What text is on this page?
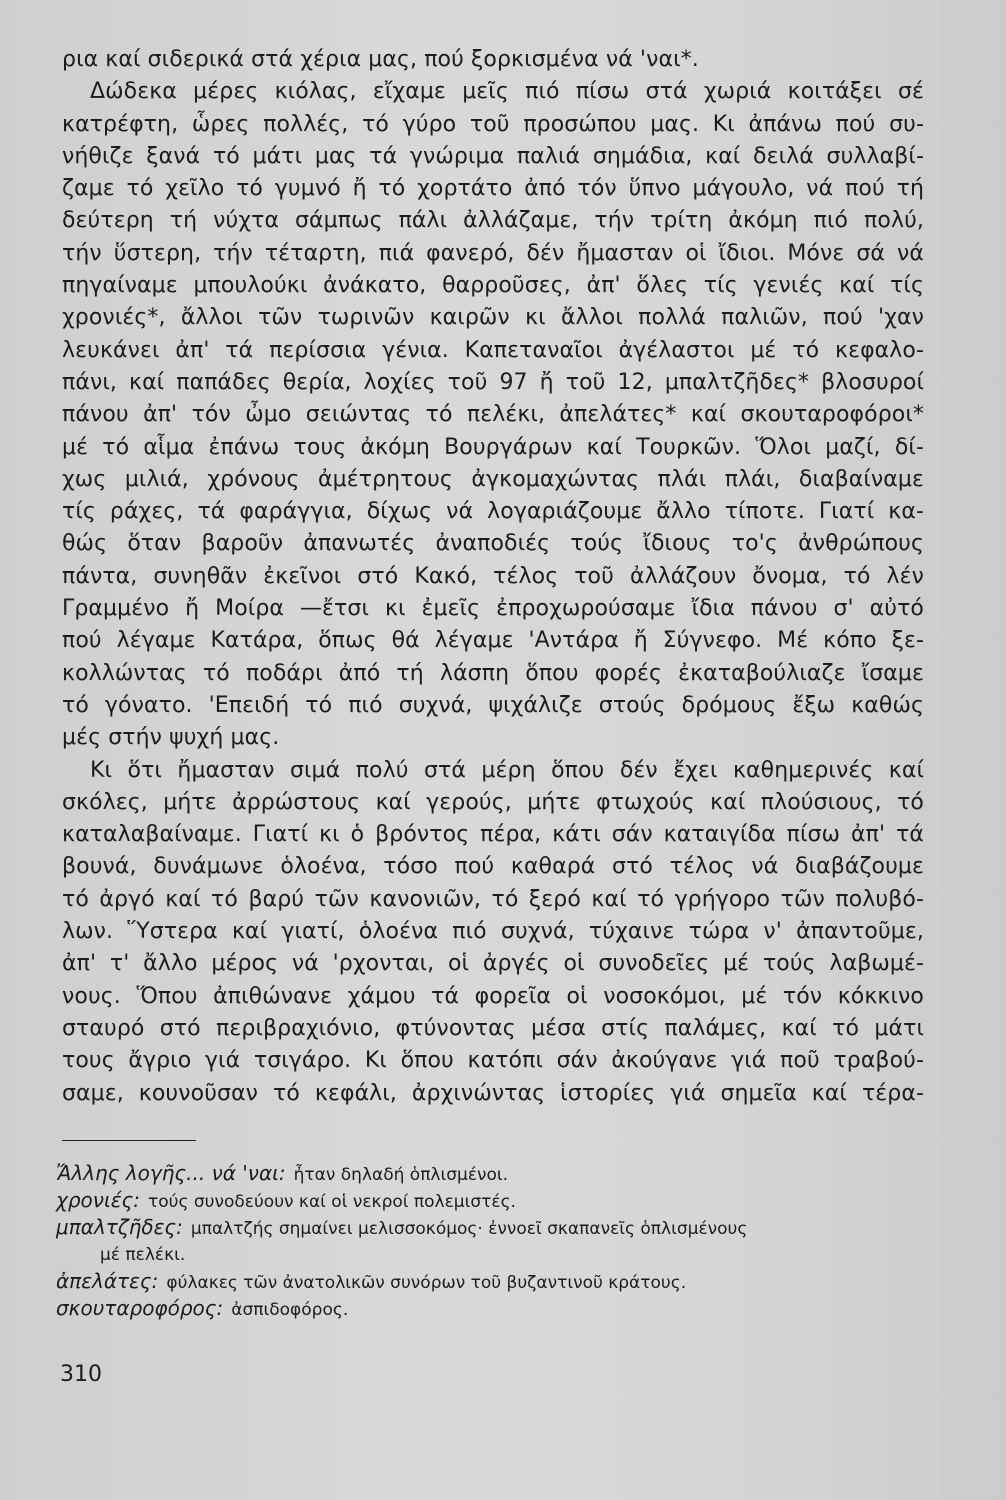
ρια καί σιδερικά στά χέρια μας, πού ξορκισμένα νά 'ναι*.
Δώδεκα μέρες κιόλας, εἴχαμε μεῖς πιό πίσω στά χωριά κοιτάξει σέ
κατρέφτη, ὧρες πολλές, τό γύρο τοῦ προσώπου μας. Κι ἀπάνω πού συ-
νήθιζε ξανά τό μάτι μας τά γνώριμα παλιά σημάδια, καί δειλά συλλαβί-
ζαμε τό χεῖλο τό γυμνό ἤ τό χορτάτο ἀπό τόν ὕπνο μάγουλο, νά πού τή
δεύτερη τή νύχτα σάμπως πάλι ἀλλάζαμε, τήν τρίτη ἀκόμη πιό πολύ,
τήν ὕστερη, τήν τέταρτη, πιά φανερό, δέν ἤμασταν οἱ ἴδιοι. Μόνε σά νά
πηγαίναμε μπουλούκι ἀνάκατο, θαρροῦσες, ἀπ' ὅλες τίς γενιές καί τίς
χρονιές*, ἄλλοι τῶν τωρινῶν καιρῶν κι ἄλλοι πολλά παλιῶν, πού 'χαν
λευκάνει ἀπ' τά περίσσια γένια. Καπεταναῖοι ἀγέλαστοι μέ τό κεφαλο-
πάνι, καί παπάδες θερία, λοχίες τοῦ 97 ἤ τοῦ 12, μπαλτζῆδες* βλοσυροί
πάνου ἀπ' τόν ὦμο σειώντας τό πελέκι, ἀπελάτες* καί σκουταροφόροι*
μέ τό αἷμα ἐπάνω τους ἀκόμη Βουργάρων καί Τουρκῶν. Ὅλοι μαζί, δί-
χως μιλιά, χρόνους ἀμέτρητους ἀγκομαχώντας πλάι πλάι, διαβαίναμε
τίς ράχες, τά φαράγγια, δίχως νά λογαριάζουμε ἄλλο τίποτε. Γιατί κα-
θώς ὅταν βαροῦν ἀπανωτές ἀναποδιές τούς ἴδιους το'ς ἀνθρώπους
πάντα, συνηθᾶν ἐκεῖνοι στό Κακό, τέλος τοῦ ἀλλάζουν ὄνομα, τό λέν
Γραμμένο ἤ Μοίρα —ἔτσι κι ἐμεῖς ἐπροχωρούσαμε ἴδια πάνου σ' αὐτό
πού λέγαμε Κατάρα, ὅπως θά λέγαμε 'Αντάρα ἤ Σύγνεφο. Μέ κόπο ξε-
κολλώντας τό ποδάρι ἀπό τή λάσπη ὅπου φορές ἐκαταβούλιαζε ἴσαμε
τό γόνατο. 'Επειδή τό πιό συχνά, ψιχάλιζε στούς δρόμους ἔξω καθώς
μές στήν ψυχή μας.
Κι ὅτι ἤμασταν σιμά πολύ στά μέρη ὅπου δέν ἔχει καθημερινές καί
σκόλες, μήτε ἀρρώστους καί γερούς, μήτε φτωχούς καί πλούσιους, τό
καταλαβαίναμε. Γιατί κι ὁ βρόντος πέρα, κάτι σάν καταιγίδα πίσω ἀπ' τά
βουνά, δυνάμωνε ὁλοένα, τόσο πού καθαρά στό τέλος νά διαβάζουμε
τό ἀργό καί τό βαρύ τῶν κανονιῶν, τό ξερό καί τό γρήγορο τῶν πολυβό-
λων. Ὕστερα καί γιατί, ὁλοένα πιό συχνά, τύχαινε τώρα ν' ἀπαντοῦμε,
ἀπ' τ' ἄλλο μέρος νά 'ρχονται, οἱ ἀργές οἱ συνοδεῖες μέ τούς λαβωμέ-
νους. Ὅπου ἀπιθώνανε χάμου τά φορεῖα οἱ νοσοκόμοι, μέ τόν κόκκινο
σταυρό στό περιβραχιόνιο, φτύνοντας μέσα στίς παλάμες, καί τό μάτι
τους ἄγριο γιά τσιγάρο. Κι ὅπου κατόπι σάν ἀκούγανε γιά ποῦ τραβού-
σαμε, κουνοῦσαν τό κεφάλι, ἀρχινώντας ἱστορίες γιά σημεῖα καί τέρα-
Ἄλλης λογῆς... νά 'ναι: ἦταν δηλαδή ὁπλισμένοι.
χρονιές: τούς συνοδεύουν καί οἱ νεκροί πολεμιστές.
μπαλτζῆδες: μπαλτζής σημαίνει μελισσοκόμος· ἐννοεῖ σκαπανεῖς ὁπλισμένους
μέ πελέκι.
ἀπελάτες: φύλακες τῶν ἀνατολικῶν συνόρων τοῦ βυζαντινοῦ κράτους.
σκουταροφόρος: ἀσπιδοφόρος.
310
